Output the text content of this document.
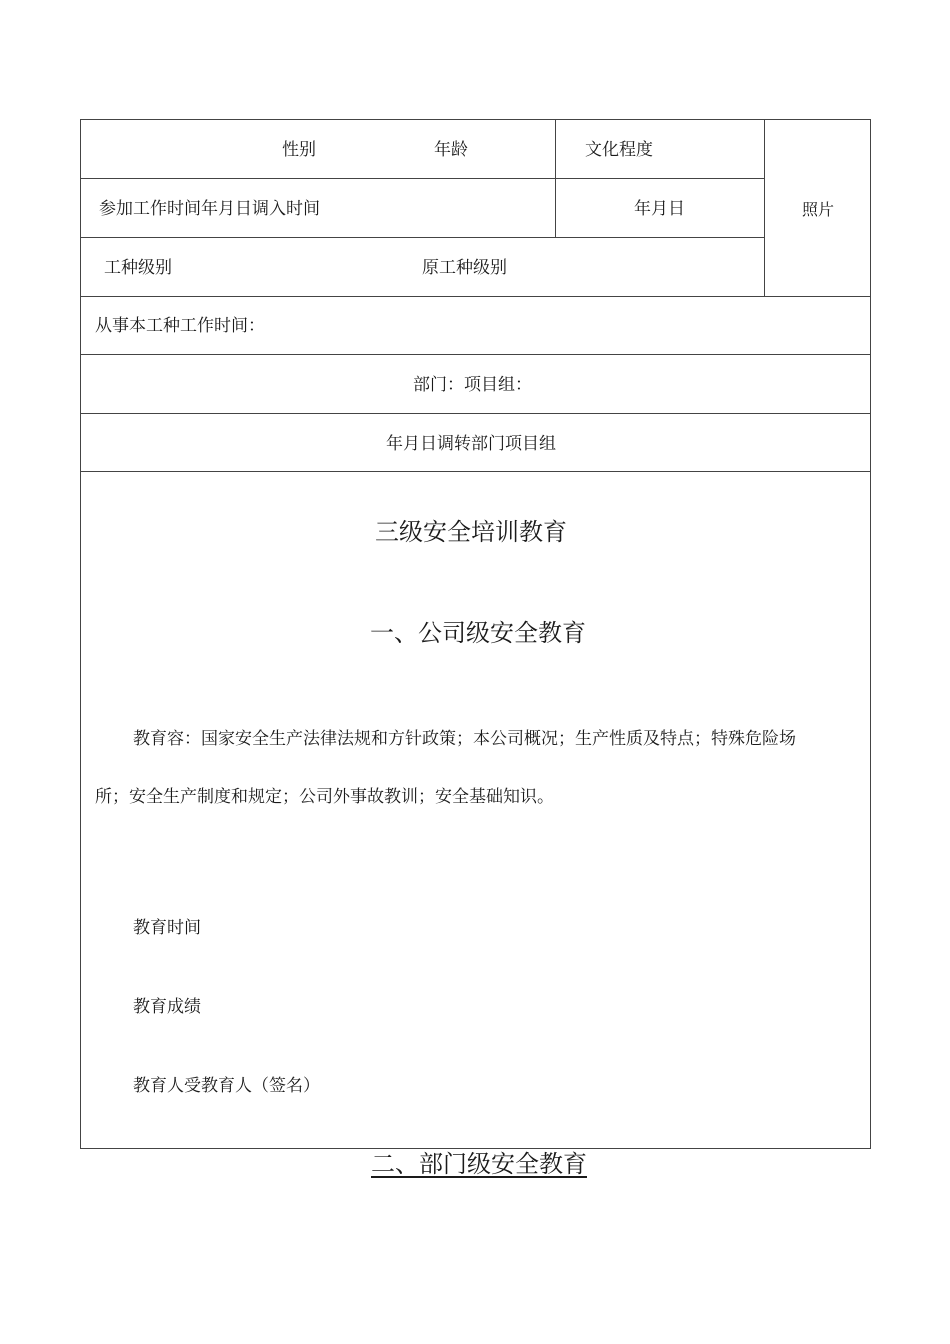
性别	年龄	文化程度
照片
参加工作时间年月日调入时间	年月日
工种级别	原工种级别
从事本工种工作时间：
部门：项目组：
年月日调转部门项目组
三级安全培训教育
一、公司级安全教育
教育容：国家安全生产法律法规和方针政策；本公司概况；生产性质及特点；特殊危险场
所；安全生产制度和规定；公司外事故教训；安全基础知识。
教育时间
教育成绩
教育人受教育人（签名）
二、部门级安全教育
